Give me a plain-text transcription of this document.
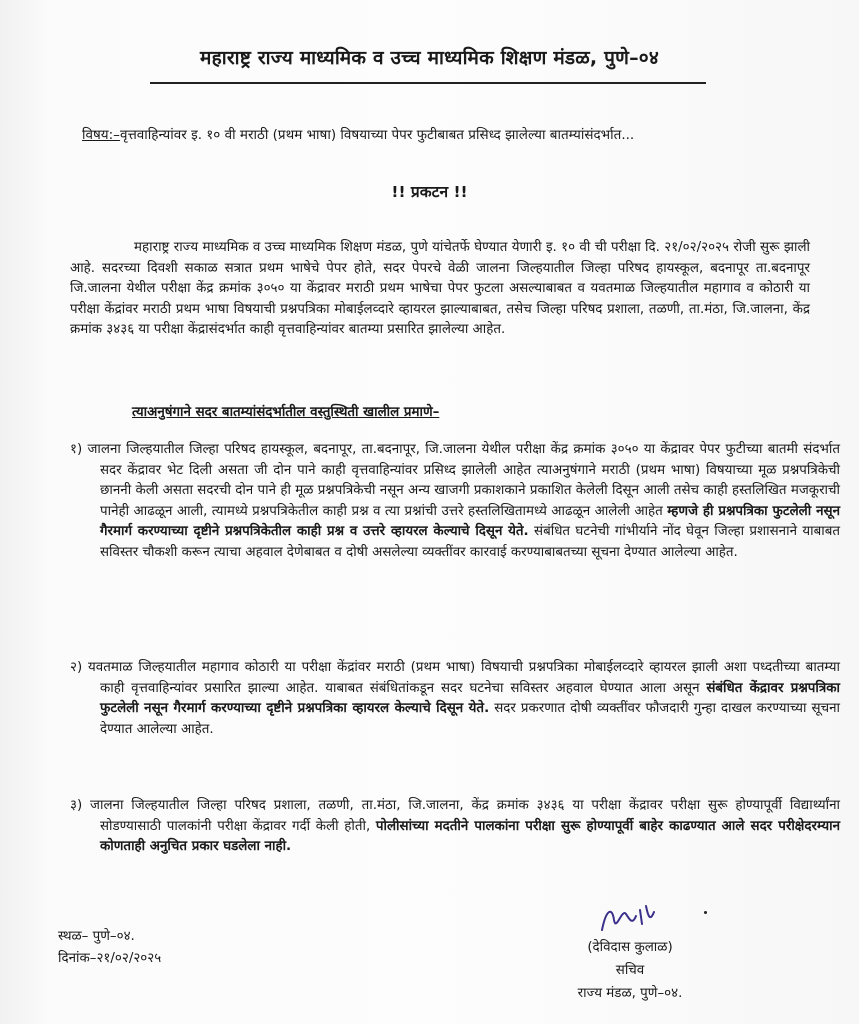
महाराष्ट्र राज्य माध्यमिक व उच्च माध्यमिक शिक्षण मंडळ, पुणे–०४
विषय:–वृत्तवाहिन्यांवर इ. १० वी मराठी (प्रथम भाषा) विषयाच्या पेपर फुटीबाबत प्रसिध्द झालेल्या बातम्यांसंदर्भात...
!! प्रकटन !!
महाराष्ट्र राज्य माध्यमिक व उच्च माध्यमिक शिक्षण मंडळ, पुणे यांचेतर्फे घेण्यात येणारी इ. १० वी ची परीक्षा दि. २१/०२/२०२५ रोजी सुरू झाली आहे. सदरच्या दिवशी सकाळ सत्रात प्रथम भाषेचे पेपर होते, सदर पेपरचे वेळी जालना जिल्हयातील जिल्हा परिषद हायस्कूल, बदनापूर ता.बदनापूर जि.जालना येथील परीक्षा केंद्र क्रमांक ३०५० या केंद्रावर मराठी प्रथम भाषेचा पेपर फुटला असल्याबाबत व यवतमाळ जिल्हयातील महागाव व कोठारी या परीक्षा केंद्रांवर मराठी प्रथम भाषा विषयाची प्रश्नपत्रिका मोबाईलव्दारे व्हायरल झाल्याबाबत, तसेच जिल्हा परिषद प्रशाला, तळणी, ता.मंठा, जि.जालना, केंद्र क्रमांक ३४३६ या परीक्षा केंद्रासंदर्भात काही वृत्तवाहिन्यांवर बातम्या प्रसारित झालेल्या आहेत.
त्याअनुषंगाने सदर बातम्यांसंदर्भातील वस्तुस्थिती खालील प्रमाणे–
१) जालना जिल्हयातील जिल्हा परिषद हायस्कूल, बदनापूर, ता.बदनापूर, जि.जालना येथील परीक्षा केंद्र क्रमांक ३०५० या केंद्रावर पेपर फुटीच्या बातमी संदर्भात सदर केंद्रावर भेट दिली असता जी दोन पाने काही वृत्तवाहिन्यांवर प्रसिध्द झालेली आहेत त्याअनुषंगाने मराठी (प्रथम भाषा) विषयाच्या मूळ प्रश्नपत्रिकेची छाननी केली असता सदरची दोन पाने ही मूळ प्रश्नपत्रिकेची नसून अन्य खाजगी प्रकाशकाने प्रकाशित केलेली दिसून आली तसेच काही हस्तलिखित मजकूराची पानेही आढळून आली, त्यामध्ये प्रश्नपत्रिकेतील काही प्रश्न व त्या प्रश्नांची उत्तरे हस्तलिखितामध्ये आढळून आलेली आहेत म्हणजे ही प्रश्नपत्रिका फुटलेली नसून गैरमार्ग करण्याच्या दृष्टीने प्रश्नपत्रिकेतील काही प्रश्न व उत्तरे व्हायरल केल्याचे दिसून येते. संबंधित घटनेची गांभीर्याने नोंद घेवून जिल्हा प्रशासनाने याबाबत सविस्तर चौकशी करून त्याचा अहवाल देणेबाबत व दोषी असलेल्या व्यक्तींवर कारवाई करण्याबाबतच्या सूचना देण्यात आलेल्या आहेत.
२) यवतमाळ जिल्हयातील महागाव कोठारी या परीक्षा केंद्रांवर मराठी (प्रथम भाषा) विषयाची प्रश्नपत्रिका मोबाईलव्दारे व्हायरल झाली अशा पध्दतीच्या बातम्या काही वृत्तवाहिन्यांवर प्रसारित झाल्या आहेत. याबाबत संबंधितांकडून सदर घटनेचा सविस्तर अहवाल घेण्यात आला असून संबंधित केंद्रावर प्रश्नपत्रिका फुटलेली नसून गैरमार्ग करण्याच्या दृष्टीने प्रश्नपत्रिका व्हायरल केल्याचे दिसून येते. सदर प्रकरणात दोषी व्यक्तींवर फौजदारी गुन्हा दाखल करण्याच्या सूचना देण्यात आलेल्या आहेत.
३) जालना जिल्हयातील जिल्हा परिषद प्रशाला, तळणी, ता.मंठा, जि.जालना, केंद्र क्रमांक ३४३६ या परीक्षा केंद्रावर परीक्षा सुरू होण्यापूर्वी विद्यार्थ्यांना सोडण्यासाठी पालकांनी परीक्षा केंद्रावर गर्दी केली होती, पोलीसांच्या मदतीने पालकांना परीक्षा सुरू होण्यापूर्वी बाहेर काढण्यात आले सदर परीक्षेदरम्यान कोणताही अनुचित प्रकार घडलेला नाही.
स्थळ– पुणे–०४.
दिनांक–२१/०२/२०२५
(देविदास कुलाळ)
सचिव
राज्य मंडळ, पुणे–०४.
